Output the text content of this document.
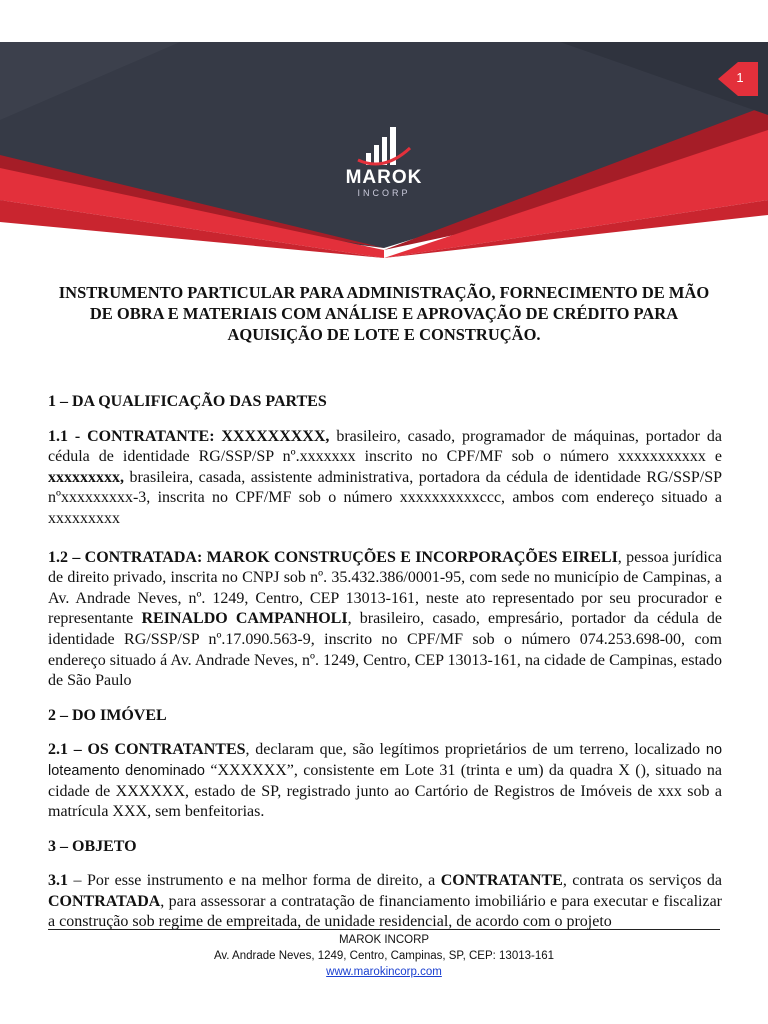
1
MAROK
INCORP
INSTRUMENTO PARTICULAR PARA ADMINISTRAÇÃO, FORNECIMENTO DE MÃO
DE OBRA E MATERIAIS COM ANÁLISE E APROVAÇÃO DE CRÉDITO PARA
AQUISIÇÃO DE LOTE E CONSTRUÇÃO.

1 – DA QUALIFICAÇÃO DAS PARTES

1.1 - CONTRATANTE: XXXXXXXXX, brasileiro, casado, programador de máquinas, portador da cédula de identidade RG/SSP/SP nº.xxxxxxx inscrito no CPF/MF sob o número xxxxxxxxxxx e xxxxxxxxx, brasileira, casada, assistente administrativa, portadora da cédula de identidade RG/SSP/SP nºxxxxxxxxx-3, inscrita no CPF/MF sob o número xxxxxxxxxxccc, ambos com endereço situado a xxxxxxxxx

1.2 – CONTRATADA: MAROK CONSTRUÇÕES E INCORPORAÇÕES EIRELI, pessoa jurídica de direito privado, inscrita no CNPJ sob nº. 35.432.386/0001-95, com sede no município de Campinas, a Av. Andrade Neves, nº. 1249, Centro, CEP 13013-161, neste ato representado por seu procurador e representante REINALDO CAMPANHOLI, brasileiro, casado, empresário, portador da cédula de identidade RG/SSP/SP nº.17.090.563-9, inscrito no CPF/MF sob o número 074.253.698-00, com endereço situado á Av. Andrade Neves, nº. 1249, Centro, CEP 13013-161, na cidade de Campinas, estado de São Paulo

2 – DO IMÓVEL

2.1 – OS CONTRATANTES, declaram que, são legítimos proprietários de um terreno, localizado no loteamento denominado “XXXXXX”, consistente em Lote 31 (trinta e um) da quadra X (), situado na cidade de XXXXXX, estado de SP, registrado junto ao Cartório de Registros de Imóveis de xxx sob a matrícula XXX, sem benfeitorias.

3 – OBJETO

3.1 – Por esse instrumento e na melhor forma de direito, a CONTRATANTE, contrata os serviços da CONTRATADA, para assessorar a contratação de financiamento imobiliário e para executar e fiscalizar a construção sob regime de empreitada, de unidade residencial, de acordo com o projeto

MAROK INCORP
Av. Andrade Neves, 1249, Centro, Campinas, SP, CEP: 13013-161
www.marokincorp.com
